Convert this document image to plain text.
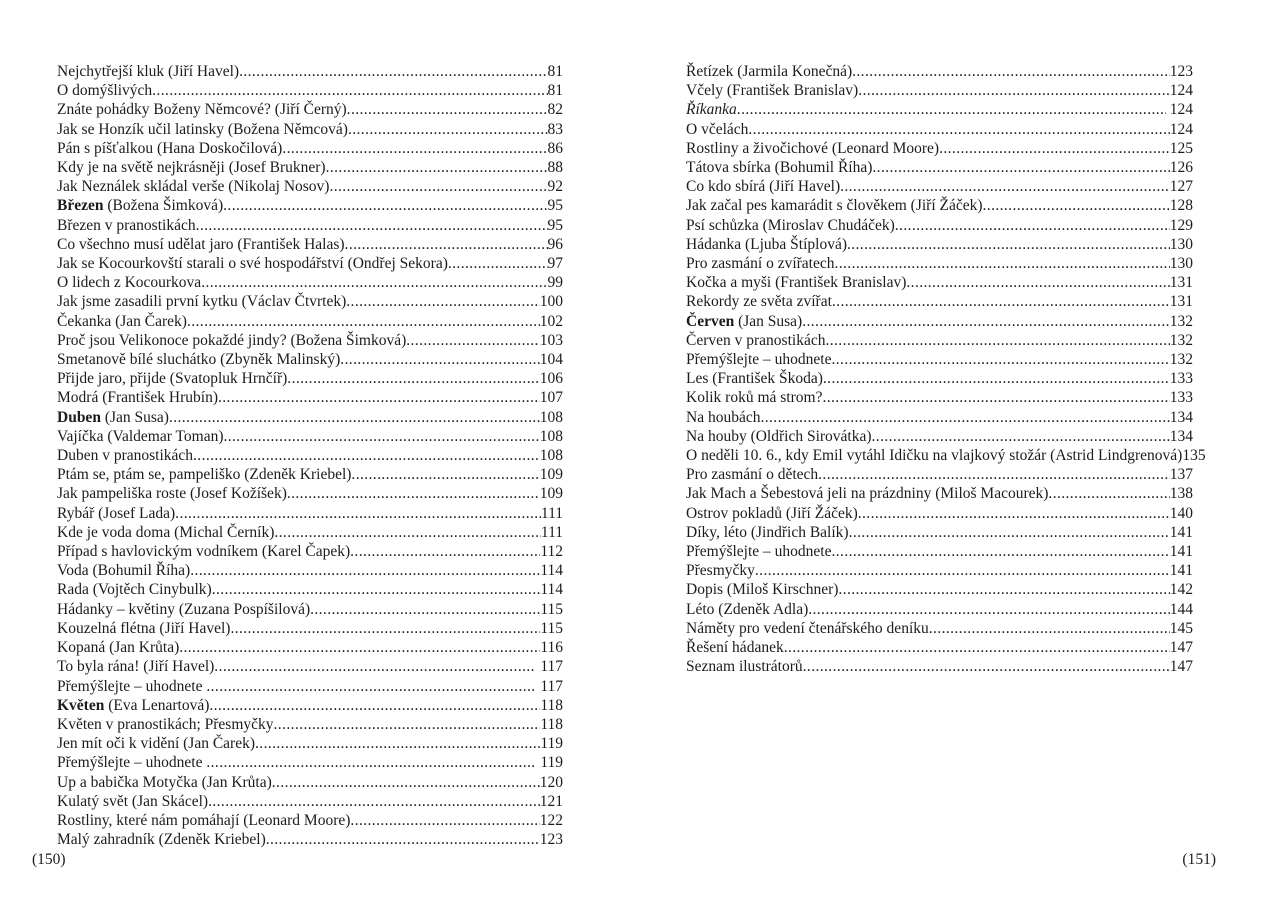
Nejchytřejší kluk (Jiří Havel) .....	81
O domýšlivých .....	81
Znáte pohádky Boženy Němcové? (Jiří Černý) .....	82
Jak se Honzík učil latinsky (Božena Němcová) .....	83
Pán s píšťalkou (Hana Doskočilová) .....	86
Kdy je na světě nejkrásněji (Josef Brukner) .....	88
Jak Neználek skládal verše (Nikolaj Nosov) .....	92
Březen (Božena Šimková) .....	95
Březen v pranostikách .....	95
Co všechno musí udělat jaro (František Halas) .....	96
Jak se Kocourkovští starali o své hospodářství (Ondřej Sekora) .....	97
O lidech z Kocourkova .....	99
Jak jsme zasadili první kytku (Václav Čtvrtek) .....	100
Čekanka (Jan Čarek) .....	102
Proč jsou Velikonoce pokaždé jindy? (Božena Šimková) .....	103
Smetanově bílé sluchátko (Zbyněk Malinský) .....	104
Přijde jaro, přijde (Svatopluk Hrnčíř) .....	106
Modrá (František Hrubín) .....	107
Duben (Jan Susa) .....	108
Vajíčka (Valdemar Toman) .....	108
Duben v pranostikách .....	108
Ptám se, ptám se, pampeliško (Zdeněk Kriebel) .....	109
Jak pampeliška roste (Josef Kožíšek) .....	109
Rybář (Josef Lada) .....	111
Kde je voda doma (Michal Černík) .....	111
Případ s havlovickým vodníkem (Karel Čapek) .....	112
Voda (Bohumil Říha) .....	114
Rada (Vojtěch Cinybulk) .....	114
Hádanky – květiny (Zuzana Pospíšilová) .....	115
Kouzelná flétna (Jiří Havel) .....	115
Kopaná (Jan Krůta) .....	116
To byla rána! (Jiří Havel) .....	117
Přemýšlejte – uhodnete .....	117
Květen (Eva Lenartová) .....	118
Květen v pranostikách; Přesmyčky .....	118
Jen mít oči k vidění (Jan Čarek) .....	119
Přemýšlejte – uhodnete .....	119
Up a babička Motyčka (Jan Krůta) .....	120
Kulatý svět (Jan Skácel) .....	121
Rostliny, které nám pomáhají (Leonard Moore) .....	122
Malý zahradník (Zdeněk Kriebel) .....	123
Řetízek (Jarmila Konečná) .....	123
Včely (František Branislav) .....	124
Říkanka .....	124
O včelách .....	124
Rostliny a živočichové (Leonard Moore) .....	125
Tátova sbírka (Bohumil Říha) .....	126
Co kdo sbírá (Jiří Havel) .....	127
Jak začal pes kamarádit s člověkem (Jiří Žáček) .....	128
Psí schůzka (Miroslav Chudáček) .....	129
Hádanka (Ljuba Štíplová) .....	130
Pro zasmání o zvířatech .....	130
Kočka a myši (František Branislav) .....	131
Rekordy ze světa zvířat .....	131
Červen (Jan Susa) .....	132
Červen v pranostikách .....	132
Přemýšlejte – uhodnete .....	132
Les (František Škoda) .....	133
Kolik roků má strom? .....	133
Na houbách .....	134
Na houby (Oldřich Sirovátka) .....	134
O neděli 10. 6., kdy Emil vytáhl Idičku na vlajkový stožár (Astrid Lindgrenová) 135
Pro zasmání o dětech .....	137
Jak Mach a Šebestová jeli na prázdniny (Miloš Macourek) .....	138
Ostrov pokladů (Jiří Žáček) .....	140
Díky, léto (Jindřich Balík) .....	141
Přemýšlejte – uhodnete .....	141
Přesmyčky .....	141
Dopis (Miloš Kirschner) .....	142
Léto (Zdeněk Adla) .....	144
Náměty pro vedení čtenářského deníku .....	145
Řešení hádanek .....	147
Seznam ilustrátorů .....	147
(150)	(151)
